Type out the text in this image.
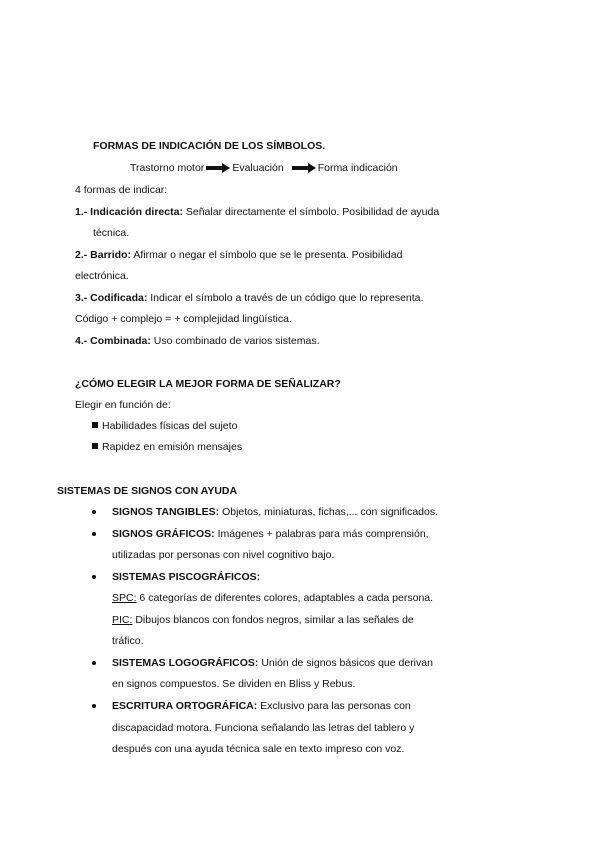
FORMAS DE INDICACIÓN DE LOS SÍMBOLOS.
Trastorno motor	Evaluación	Forma indicación
4 formas de indicar:
1.- Indicación directa: Señalar directamente el símbolo. Posibilidad de ayuda
técnica.
2.- Barrido: Afirmar o negar el símbolo que se le presenta. Posibilidad
electrónica.
3.- Codificada: Indicar el símbolo a través de un código que lo representa.
Código + complejo = + complejidad lingüística.
4.- Combinada: Uso combinado de varios sistemas.
¿CÓMO ELEGIR LA MEJOR FORMA DE SEÑALIZAR?
Elegir en función de:
Habilidades físicas del sujeto
Rapidez en emisión mensajes
SISTEMAS DE SIGNOS CON AYUDA
SIGNOS TANGIBLES: Objetos, miniaturas, fichas,... con significados.
SIGNOS GRÁFICOS: Imágenes + palabras para más comprensión,
utilizadas por personas con nivel cognitivo bajo.
SISTEMAS PISCOGRÁFICOS:
SPC: 6 categorías de diferentes colores, adaptables a cada persona.
PIC: Dibujos blancos con fondos negros, similar a las señales de
tráfico.
SISTEMAS LOGOGRÁFICOS: Unión de signos básicos que derivan
en signos compuestos. Se dividen en Bliss y Rebus.
ESCRITURA ORTOGRÁFICA: Exclusivo para las personas con
discapacidad motora. Funciona señalando las letras del tablero y
después con una ayuda técnica sale en texto impreso con voz.
